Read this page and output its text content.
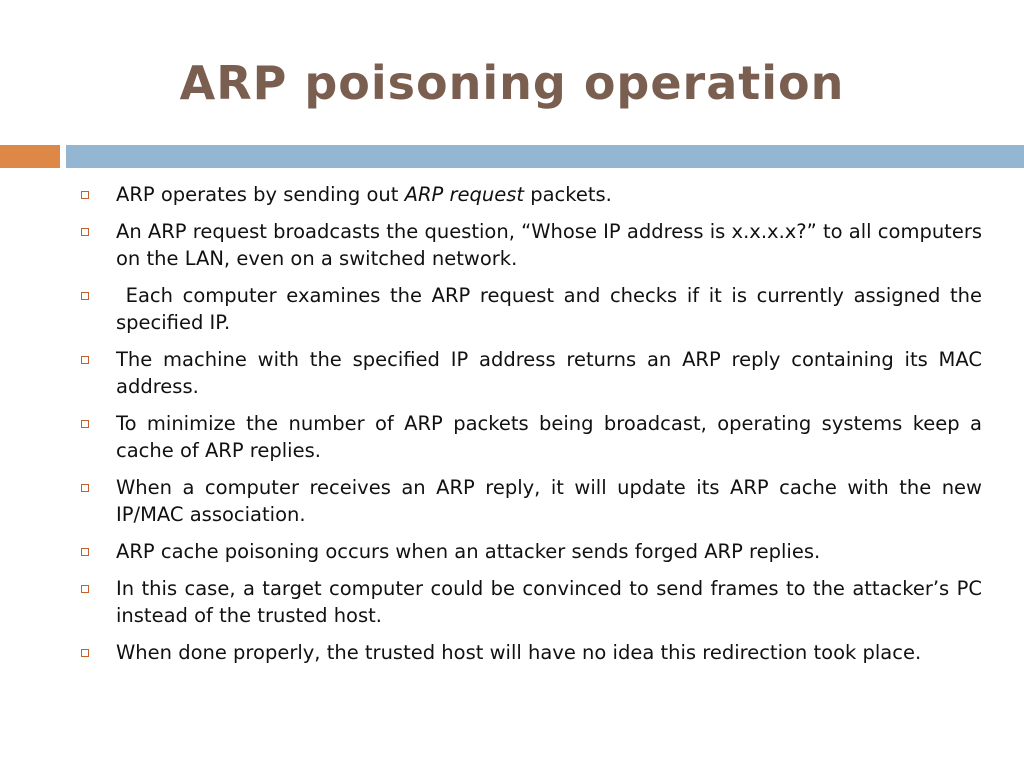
ARP poisoning operation
ARP operates by sending out ARP request packets.
An ARP request broadcasts the question, “Whose IP address is x.x.x.x?” to all computers on the LAN, even on a switched network.
Each computer examines the ARP request and checks if it is currently assigned the specified IP.
The machine with the specified IP address returns an ARP reply containing its MAC address.
To minimize the number of ARP packets being broadcast, operating systems keep a cache of ARP replies.
When a computer receives an ARP reply, it will update its ARP cache with the new IP/MAC association.
ARP cache poisoning occurs when an attacker sends forged ARP replies.
In this case, a target computer could be convinced to send frames to the attacker’s PC instead of the trusted host.
When done properly, the trusted host will have no idea this redirection took place.
